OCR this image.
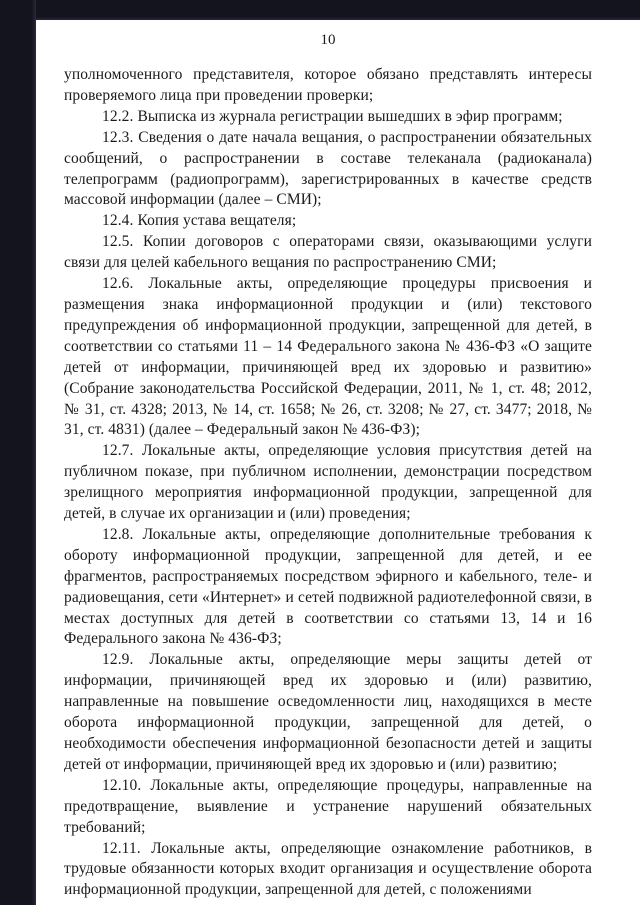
10

уполномоченного представителя, которое обязано представлять интересы проверяемого лица при проведении проверки;

12.2. Выписка из журнала регистрации вышедших в эфир программ;

12.3. Сведения о дате начала вещания, о распространении обязательных сообщений, о распространении в составе телеканала (радиоканала) телепрограмм (радиопрограмм), зарегистрированных в качестве средств массовой информации (далее – СМИ);

12.4. Копия устава вещателя;

12.5. Копии договоров с операторами связи, оказывающими услуги связи для целей кабельного вещания по распространению СМИ;

12.6. Локальные акты, определяющие процедуры присвоения и размещения знака информационной продукции и (или) текстового предупреждения об информационной продукции, запрещенной для детей, в соответствии со статьями 11 – 14 Федерального закона № 436-ФЗ «О защите детей от информации, причиняющей вред их здоровью и развитию» (Собрание законодательства Российской Федерации, 2011, № 1, ст. 48; 2012, № 31, ст. 4328; 2013, № 14, ст. 1658; № 26, ст. 3208; № 27, ст. 3477; 2018, № 31, ст. 4831) (далее – Федеральный закон № 436-ФЗ);

12.7. Локальные акты, определяющие условия присутствия детей на публичном показе, при публичном исполнении, демонстрации посредством зрелищного мероприятия информационной продукции, запрещенной для детей, в случае их организации и (или) проведения;

12.8. Локальные акты, определяющие дополнительные требования к обороту информационной продукции, запрещенной для детей, и ее фрагментов, распространяемых посредством эфирного и кабельного, теле- и радиовещания, сети «Интернет» и сетей подвижной радиотелефонной связи, в местах доступных для детей в соответствии со статьями 13, 14 и 16 Федерального закона № 436-ФЗ;

12.9. Локальные акты, определяющие меры защиты детей от информации, причиняющей вред их здоровью и (или) развитию, направленные на повышение осведомленности лиц, находящихся в месте оборота информационной продукции, запрещенной для детей, о необходимости обеспечения информационной безопасности детей и защиты детей от информации, причиняющей вред их здоровью и (или) развитию;

12.10. Локальные акты, определяющие процедуры, направленные на предотвращение, выявление и устранение нарушений обязательных требований;

12.11. Локальные акты, определяющие ознакомление работников, в трудовые обязанности которых входит организация и осуществление оборота информационной продукции, запрещенной для детей, с положениями
